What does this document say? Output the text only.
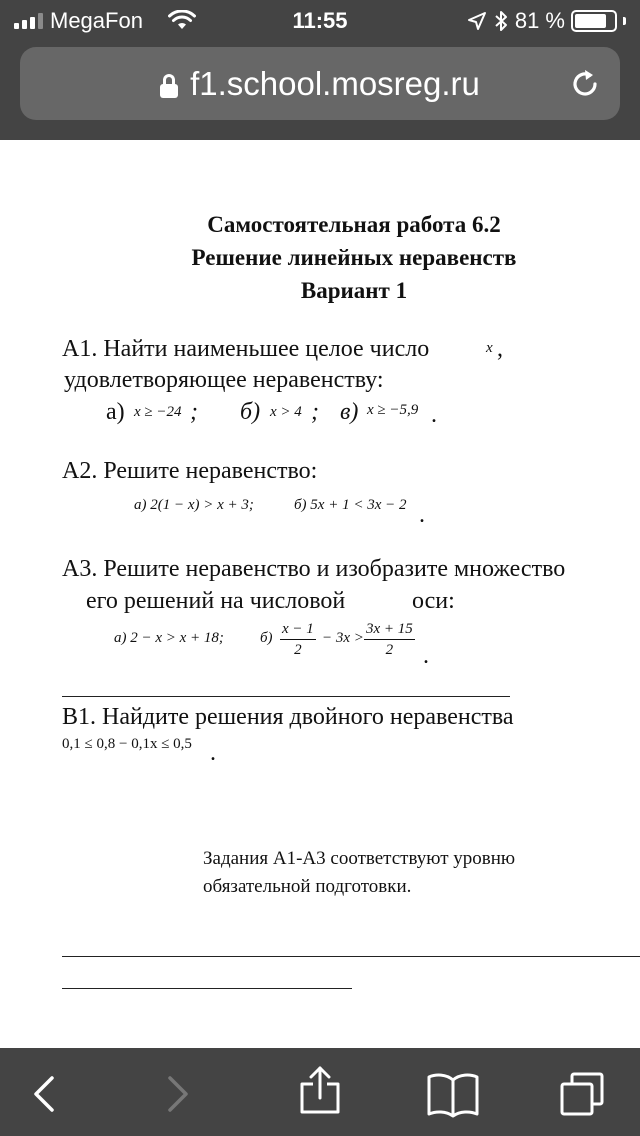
MegaFon	11:55	81 %
f1.school.mosreg.ru
Самостоятельная работа 6.2
Решение линейных неравенств
Вариант 1
А1. Найти наименьшее целое число	x ,
удовлетворяющее неравенству:
а) x ≥ −24 ; б) x > 4 ; в) x ≥ −5,9 .
А2. Решите неравенство:
а) 2(1 − x) > x + 3;	б) 5x + 1 < 3x − 2 .
А3. Решите неравенство и изобразите множество
его решений на числовой	оси:
а) 2 − x > x + 18; $б) \frac{x - 1}{2} - 3x > \frac{3x + 15}{2}$ .
В1. Найдите решения двойного неравенства
0,1 ≤ 0,8 − 0,1x ≤ 0,5 .
Задания А1-А3 соответствуют уровню
обязательной подготовки.
